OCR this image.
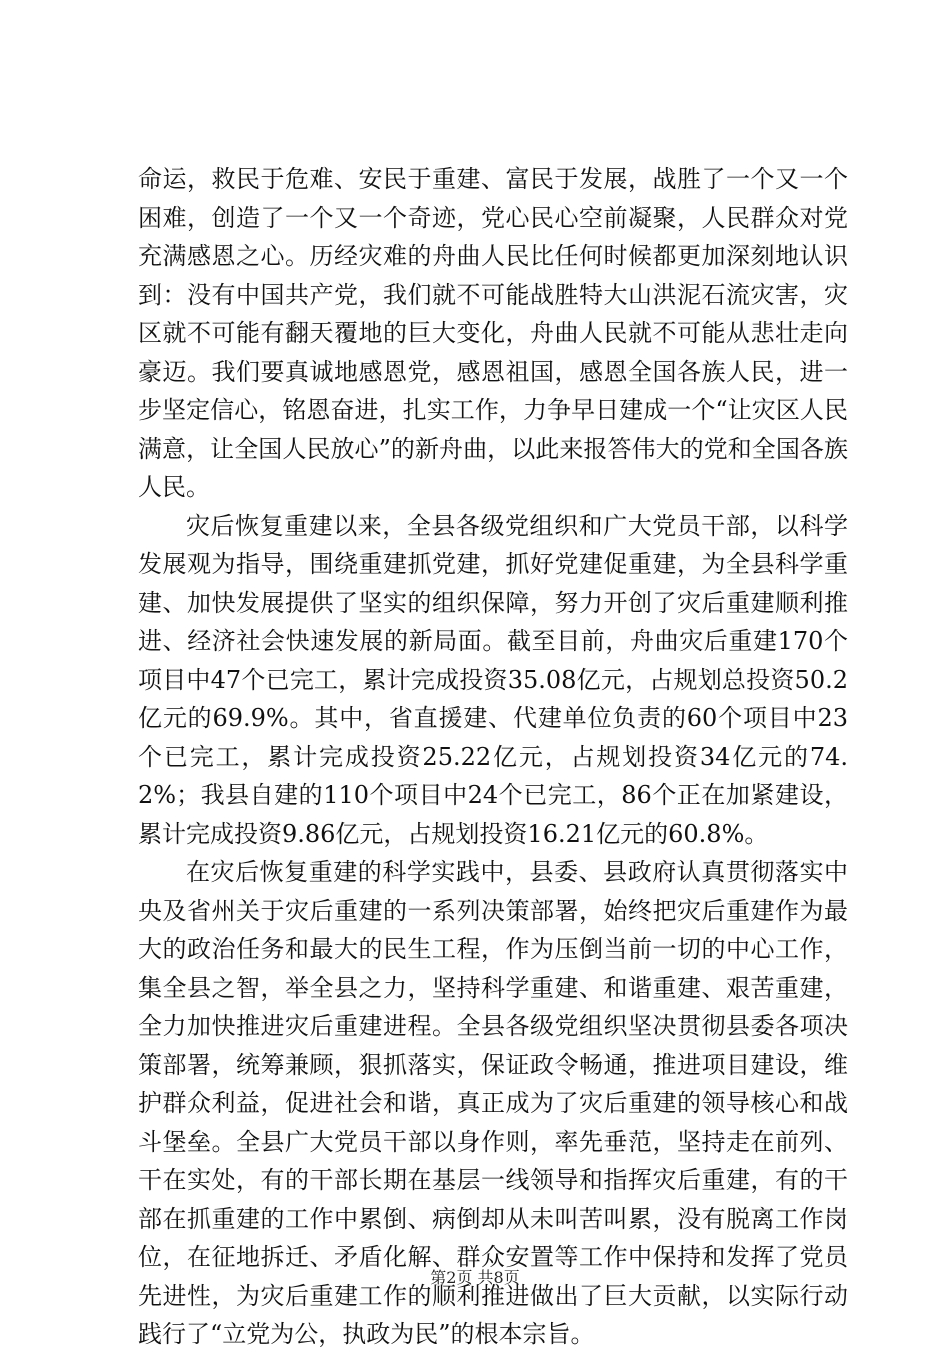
命运，救民于危难、安民于重建、富民于发展，战胜了一个又一个困难，创造了一个又一个奇迹，党心民心空前凝聚，人民群众对党充满感恩之心。历经灾难的舟曲人民比任何时候都更加深刻地认识到：没有中国共产党，我们就不可能战胜特大山洪泥石流灾害，灾区就不可能有翻天覆地的巨大变化，舟曲人民就不可能从悲壮走向豪迈。我们要真诚地感恩党，感恩祖国，感恩全国各族人民，进一步坚定信心，铭恩奋进，扎实工作，力争早日建成一个“让灾区人民满意，让全国人民放心”的新舟曲，以此来报答伟大的党和全国各族人民。

灾后恢复重建以来，全县各级党组织和广大党员干部，以科学发展观为指导，围绕重建抓党建，抓好党建促重建，为全县科学重建、加快发展提供了坚实的组织保障，努力开创了灾后重建顺利推进、经济社会快速发展的新局面。截至目前，舟曲灾后重建170个项目中47个已完工，累计完成投资35.08亿元，占规划总投资50.2亿元的69.9%。其中，省直援建、代建单位负责的60个项目中23个已完工，累计完成投资25.22亿元，占规划投资34亿元的74.2%；我县自建的110个项目中24个已完工，86个正在加紧建设，累计完成投资9.86亿元，占规划投资16.21亿元的60.8%。

在灾后恢复重建的科学实践中，县委、县政府认真贯彻落实中央及省州关于灾后重建的一系列决策部署，始终把灾后重建作为最大的政治任务和最大的民生工程，作为压倒当前一切的中心工作，集全县之智，举全县之力，坚持科学重建、和谐重建、艰苦重建，全力加快推进灾后重建进程。全县各级党组织坚决贯彻县委各项决策部署，统筹兼顾，狠抓落实，保证政令畅通，推进项目建设，维护群众利益，促进社会和谐，真正成为了灾后重建的领导核心和战斗堡垒。全县广大党员干部以身作则，率先垂范，坚持走在前列、干在实处，有的干部长期在基层一线领导和指挥灾后重建，有的干部在抓重建的工作中累倒、病倒却从未叫苦叫累，没有脱离工作岗位，在征地拆迁、矛盾化解、群众安置等工作中保持和发挥了党员先进性，为灾后重建工作的顺利推进做出了巨大贡献，以实际行动践行了“立党为公，执政为民”的根本宗旨。

第2页 共8页
